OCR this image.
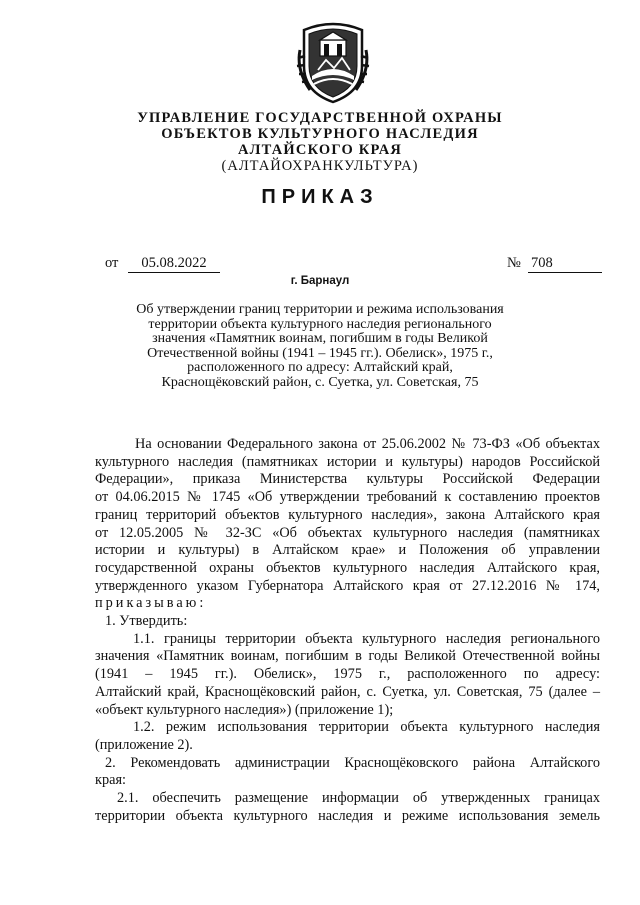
УПРАВЛЕНИЕ ГОСУДАРСТВЕННОЙ ОХРАНЫ
ОБЪЕКТОВ КУЛЬТУРНОГО НАСЛЕДИЯ
АЛТАЙСКОГО КРАЯ
(АЛТАЙОХРАНКУЛЬТУРА)
ПРИКАЗ
от	05.08.2022	№ 708
г. Барнаул
Об утверждении границ территории и режима использования
территории объекта культурного наследия регионального
значения «Памятник воинам, погибшим в годы Великой
Отечественной войны (1941 – 1945 гг.). Обелиск», 1975 г.,
расположенного по адресу: Алтайский край,
Краснощёковский район, с. Суетка, ул. Советская, 75
На основании Федерального закона от 25.06.2002 № 73-ФЗ «Об объектах
культурного наследия (памятниках истории и культуры) народов Российской
Федерации», приказа Министерства культуры Российской Федерации
от 04.06.2015 № 1745 «Об утверждении требований к составлению проектов
границ территорий объектов культурного наследия», закона Алтайского края
от 12.05.2005 № 32-ЗС «Об объектах культурного наследия (памятниках
истории и культуры) в Алтайском крае» и Положения об управлении
государственной охраны объектов культурного наследия Алтайского края,
утвержденного указом Губернатора Алтайского края от 27.12.2016 № 174,
приказываю:
1. Утвердить:
1.1. границы территории объекта культурного наследия регионального
значения «Памятник воинам, погибшим в годы Великой Отечественной войны
(1941 – 1945 гг.). Обелиск», 1975 г., расположенного по адресу:
Алтайский край, Краснощёковский район, с. Суетка, ул. Советская, 75 (далее –
«объект культурного наследия») (приложение 1);
1.2. режим использования территории объекта культурного наследия
(приложение 2).
2. Рекомендовать администрации Краснощёковского района Алтайского
края:
2.1. обеспечить размещение информации об утвержденных границах
территории объекта культурного наследия и режиме использования земель
